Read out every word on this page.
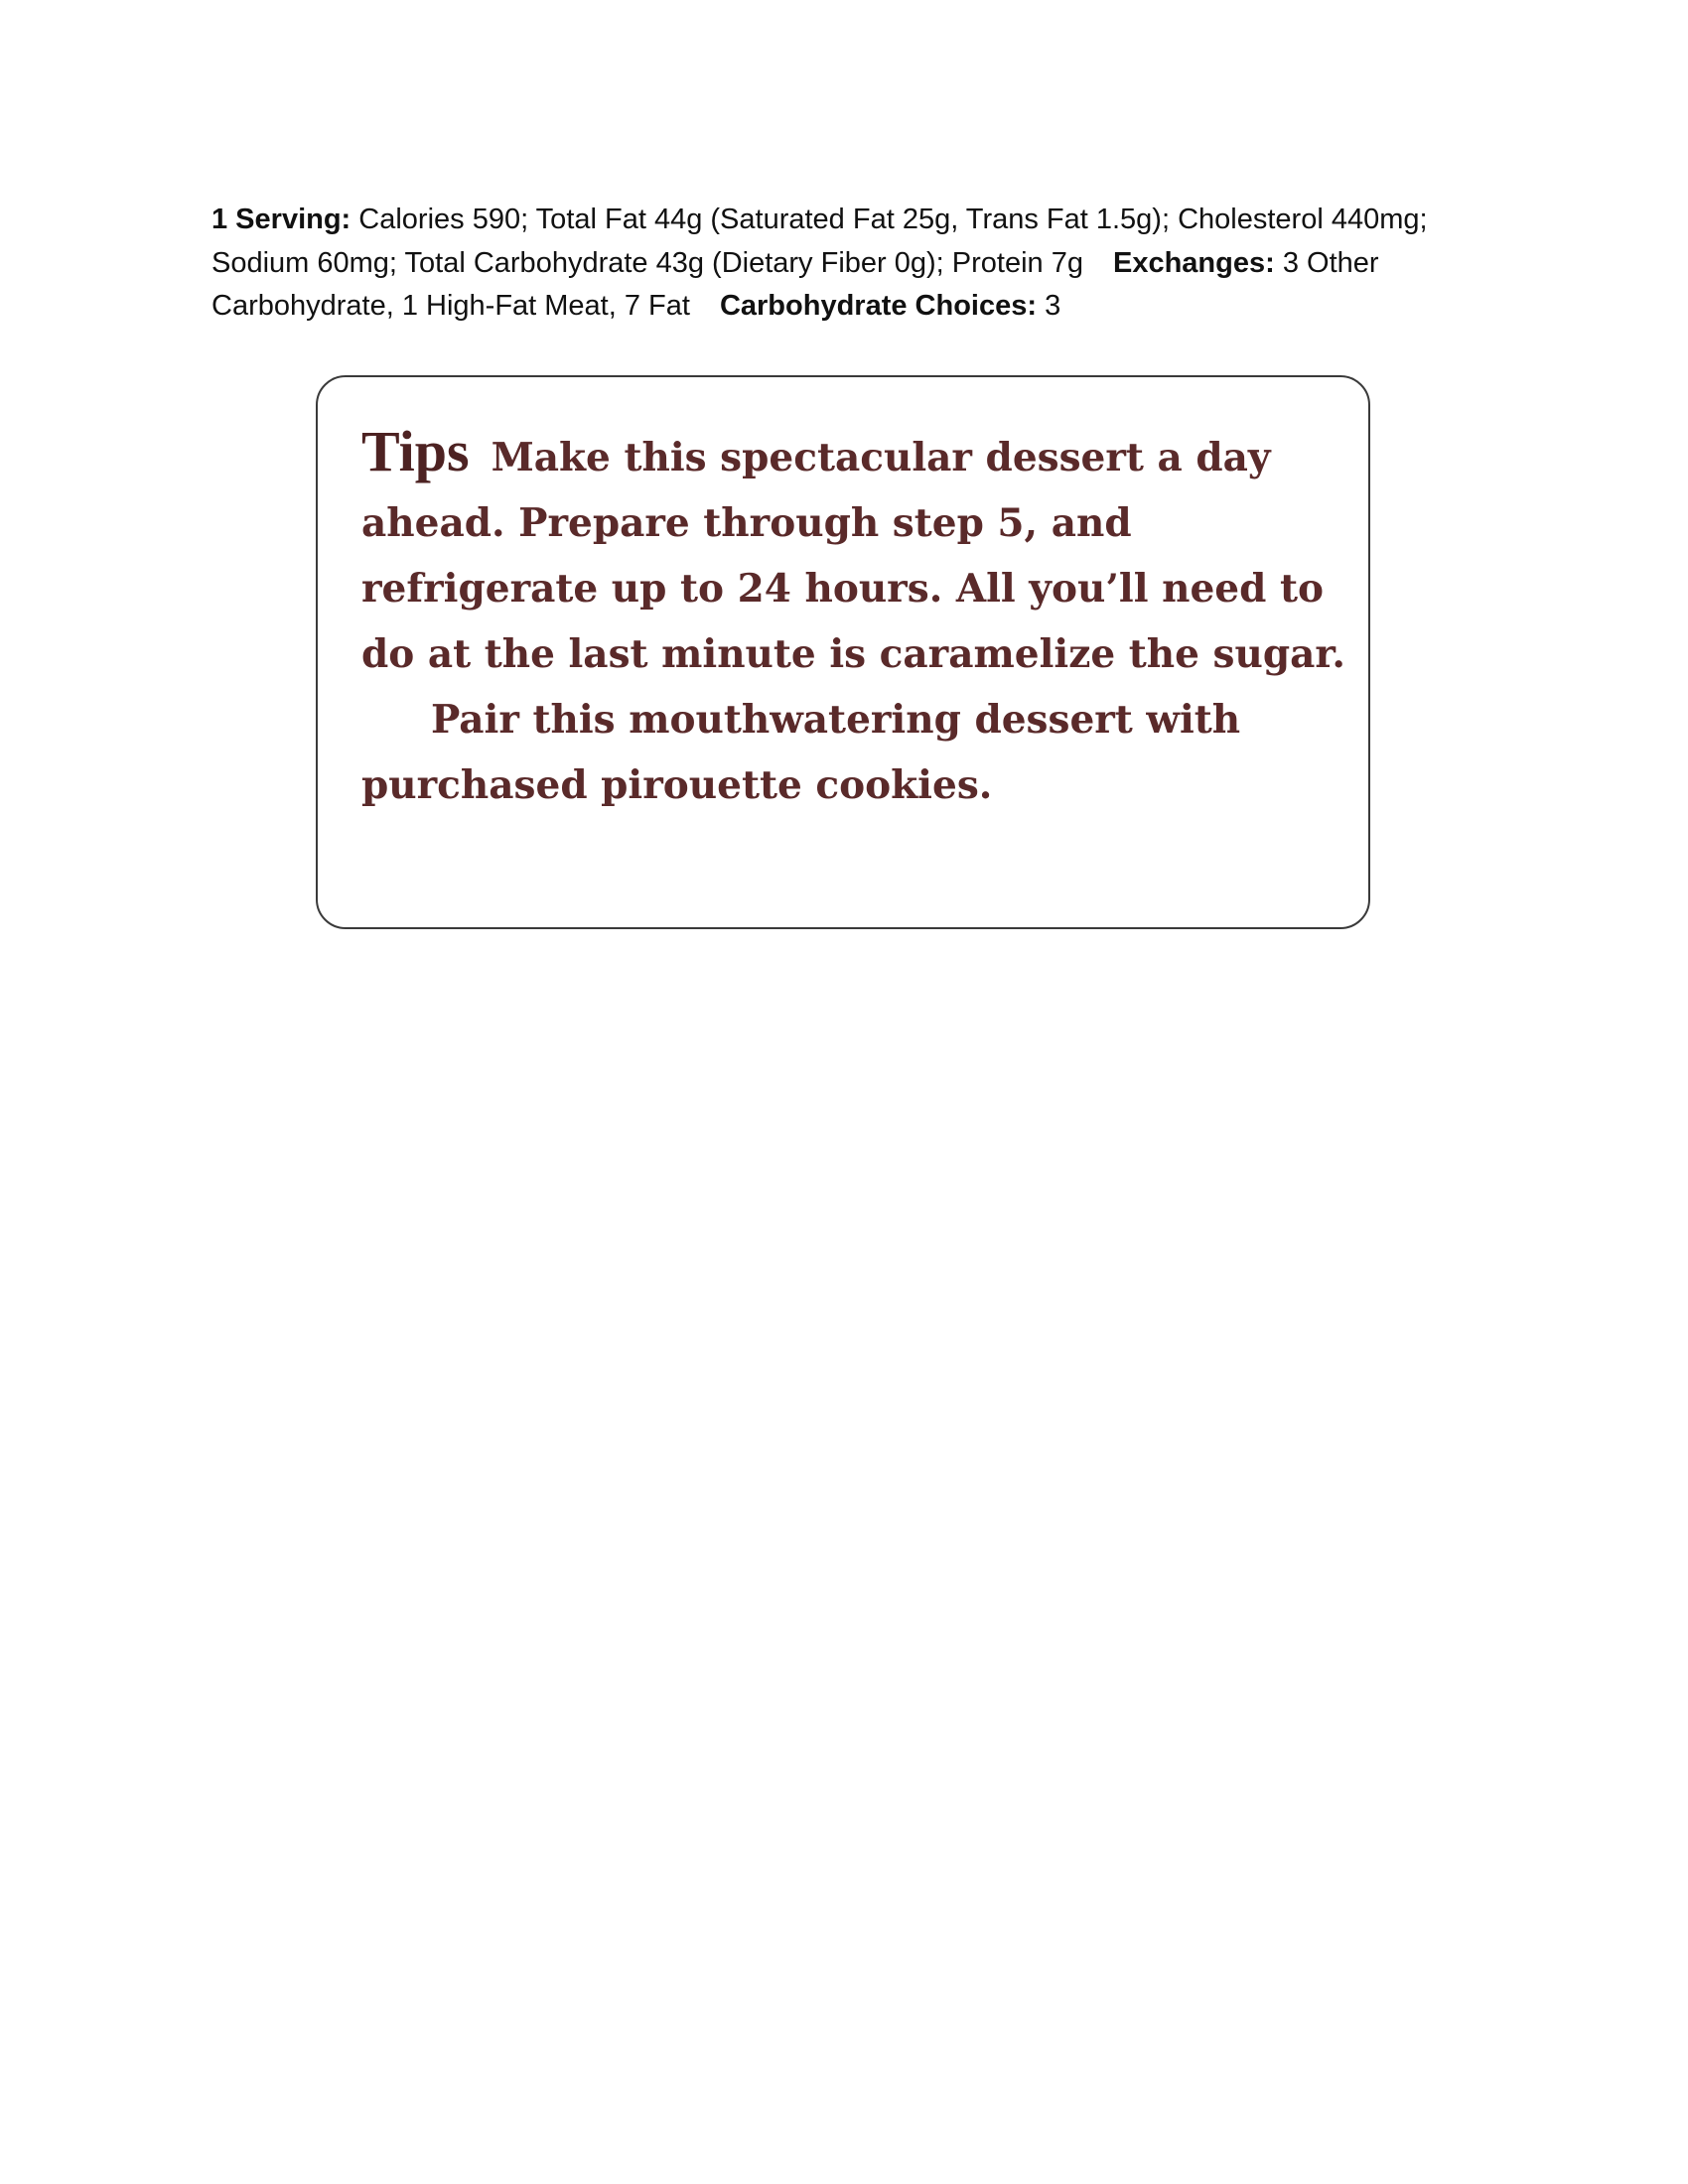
1 Serving: Calories 590; Total Fat 44g (Saturated Fat 25g, Trans Fat 1.5g); Cholesterol 440mg; Sodium 60mg; Total Carbohydrate 43g (Dietary Fiber 0g); Protein 7g Exchanges: 3 Other Carbohydrate, 1 High-Fat Meat, 7 Fat Carbohydrate Choices: 3

Tips Make this spectacular dessert a day ahead. Prepare through step 5, and refrigerate up to 24 hours. All you’ll need to do at the last minute is caramelize the sugar.

Pair this mouthwatering dessert with purchased pirouette cookies.
